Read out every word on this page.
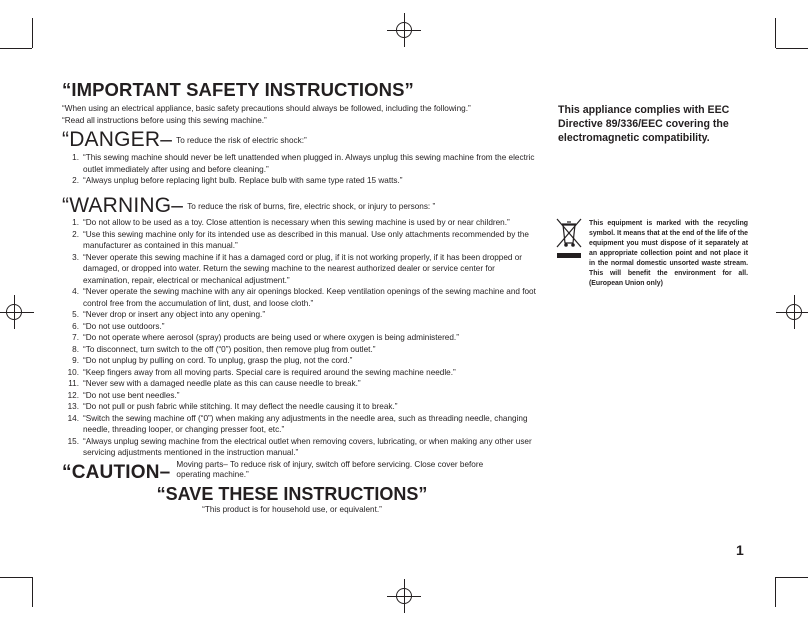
“IMPORTANT SAFETY INSTRUCTIONS”
“When using an electrical appliance, basic safety precautions should always be followed, including the following.”
“Read all instructions before using this sewing machine.”
“DANGER– To reduce the risk of electric shock:”
1. “This sewing machine should never be left unattended when plugged in. Always unplug this sewing machine from the electric outlet immediately after using and before cleaning.”
2. “Always unplug before replacing light bulb. Replace bulb with same type rated 15 watts.”
“WARNING– To reduce the risk of burns, fire, electric shock, or injury to persons: ”
1. “Do not allow to be used as a toy. Close attention is necessary when this sewing machine is used by or near children.”
2. “Use this sewing machine only for its intended use as described in this manual. Use only attachments recommended by the manufacturer as contained in this manual.”
3. “Never operate this sewing machine if it has a damaged cord or plug, if it is not working properly, if it has been dropped or damaged, or dropped into water. Return the sewing machine to the nearest authorized dealer or service center for examination, repair, electrical or mechanical adjustment.”
4. “Never operate the sewing machine with any air openings blocked. Keep ventilation openings of the sewing machine and foot control free from the accumulation of lint, dust, and loose cloth.”
5. “Never drop or insert any object into any opening.”
6. “Do not use outdoors.”
7. “Do not operate where aerosol (spray) products are being used or where oxygen is being administered.”
8. “To disconnect, turn switch to the off (“0”) position, then remove plug from outlet.”
9. “Do not unplug by pulling on cord. To unplug, grasp the plug, not the cord.”
10. “Keep fingers away from all moving parts. Special care is required around the sewing machine needle.”
11. “Never sew with a damaged needle plate as this can cause needle to break.”
12. “Do not use bent needles.”
13. “Do not pull or push fabric while stitching. It may deflect the needle causing it to break.”
14. “Switch the sewing machine off (“0”) when making any adjustments in the needle area, such as threading needle, changing needle, threading looper, or changing presser foot, etc.”
15. “Always unplug sewing machine from the electrical outlet when removing covers, lubricating, or when making any other user servicing adjustments mentioned in the instruction manual.”
“CAUTION– Moving parts– To reduce risk of injury, switch off before servicing. Close cover before operating machine.”
“SAVE THESE INSTRUCTIONS”
“This product is for household use, or equivalent.”
This appliance complies with EEC Directive 89/336/EEC covering the electromagnetic compatibility.
This equipment is marked with the recycling symbol. It means that at the end of the life of the equipment you must dispose of it separately at an appropriate collection point and not place it in the normal domestic unsorted waste stream. This will benefit the environment for all. (European Union only)
1
